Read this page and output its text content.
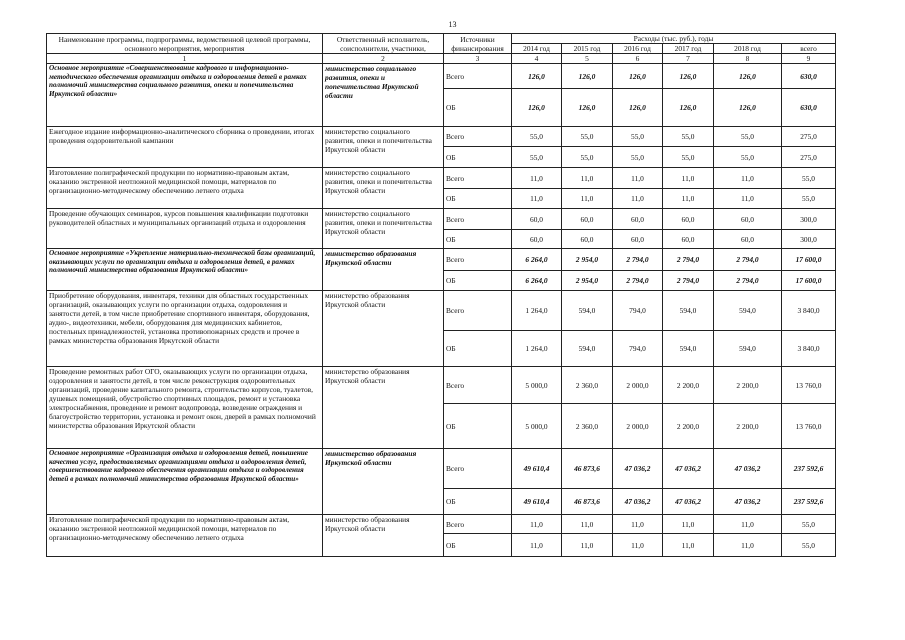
13
Наименование программы, подпрограммы, ведомственной целевой программы, основного мероприятия, мероприятия	Ответственный исполнитель, соисполнители, участники,	Источники финансирования	Расходы (тыс. руб.), годы					
			2014 год	2015 год	2016 год	2017 год	2018 год	всего
1	2	3	4	5	6	7	8	9
Основное мероприятие «Совершенствование кадрового и информационно-методического обеспечения организации отдыха и оздоровления детей в рамках полномочий министерства социального развития, опеки и попечительства Иркутской области»	министерство социального развития, опеки и попечительства Иркутской области	Всего	126,0	126,0	126,0	126,0	126,0	630,0
		ОБ	126,0	126,0	126,0	126,0	126,0	630,0
Ежегодное издание информационно-аналитического сборника о проведении, итогах проведения оздоровительной кампании	министерство социального развития, опеки и попечительства Иркутской области	Всего	55,0	55,0	55,0	55,0	55,0	275,0
		ОБ	55,0	55,0	55,0	55,0	55,0	275,0
Изготовление полиграфической продукции по нормативно-правовым актам, оказанию экстренной неотложной медицинской помощи, материалов по организационно-методическому обеспечению летнего отдыха	министерство социального развития, опеки и попечительства Иркутской области	Всего	11,0	11,0	11,0	11,0	11,0	55,0
		ОБ	11,0	11,0	11,0	11,0	11,0	55,0
Проведение обучающих семинаров, курсов повышения квалификации подготовки руководителей областных и муниципальных организаций отдыха и оздоровления	министерство социального развития, опеки и попечительства Иркутской области	Всего	60,0	60,0	60,0	60,0	60,0	300,0
		ОБ	60,0	60,0	60,0	60,0	60,0	300,0
Основное мероприятие «Укрепление материально-технической базы организаций, оказывающих услуги по организации отдыха и оздоровления детей, в рамках полномочий министерства образования Иркутской области»	министерство образования Иркутской области	Всего	6 264,0	2 954,0	2 794,0	2 794,0	2 794,0	17 600,0
		ОБ	6 264,0	2 954,0	2 794,0	2 794,0	2 794,0	17 600,0
Приобретение оборудования, инвентаря, техники для областных государственных организаций, оказывающих услуги по организации отдыха, оздоровления и занятости детей, в том числе приобретение спортивного инвентаря, оборудования, аудио-, видеотехники, мебели, оборудования для медицинских кабинетов, постельных принадлежностей, установка противопожарных средств и прочее в рамках министерства образования Иркутской области	министерство образования Иркутской области	Всего	1 264,0	594,0	794,0	594,0	594,0	3 840,0
		ОБ	1 264,0	594,0	794,0	594,0	594,0	3 840,0
Проведение ремонтных работ ОГО, оказывающих услуги по организации отдыха, оздоровления и занятости детей, в том числе реконструкция оздоровительных организаций, проведение капитального ремонта, строительство корпусов, туалетов, душевых помещений, обустройство спортивных площадок, ремонт и установка электроснабжения, проведение и ремонт водопровода, возведение ограждения и благоустройство территории, установка и ремонт окон, дверей в рамках полномочий министерства образования Иркутской области	министерство образования Иркутской области	Всего	5 000,0	2 360,0	2 000,0	2 200,0	2 200,0	13 760,0
		ОБ	5 000,0	2 360,0	2 000,0	2 200,0	2 200,0	13 760,0
Основное мероприятие «Организация отдыха и оздоровления детей, повышение качества услуг, предоставляемых организациями отдыха и оздоровления детей, совершенствование кадрового обеспечения организации отдыха и оздоровления детей в рамках полномочий министерства образования Иркутской области»	министерство образования Иркутской области	Всего	49 610,4	46 873,6	47 036,2	47 036,2	47 036,2	237 592,6
		ОБ	49 610,4	46 873,6	47 036,2	47 036,2	47 036,2	237 592,6
Изготовление полиграфической продукции по нормативно-правовым актам, оказанию экстренной неотложной медицинской помощи, материалов по организационно-методическому обеспечению летнего отдыха	министерство образования Иркутской области	Всего	11,0	11,0	11,0	11,0	11,0	55,0
		ОБ	11,0	11,0	11,0	11,0	11,0	55,0
